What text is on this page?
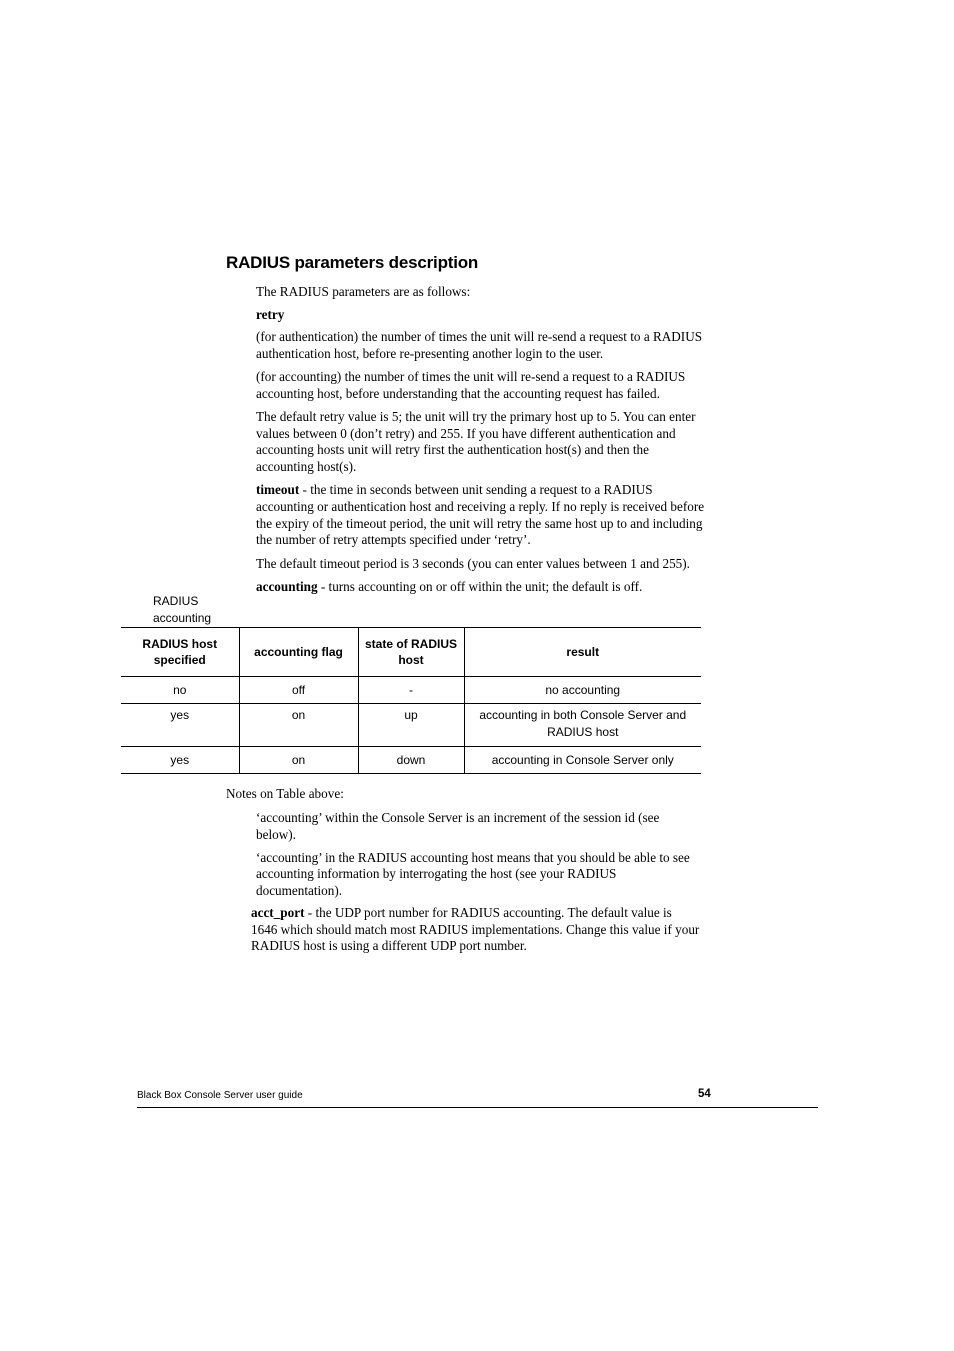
RADIUS parameters description

The RADIUS parameters are as follows:

retry

(for authentication) the number of times the unit will re-send a request to a RADIUS authentication host, before re-presenting another login to the user.

(for accounting) the number of times the unit will re-send a request to a RADIUS accounting host, before understanding that the accounting request has failed.

The default retry value is 5; the unit will try the primary host up to 5. You can enter values between 0 (don’t retry) and 255. If you have different authentication and accounting hosts unit will retry first the authentication host(s) and then the accounting host(s).

timeout - the time in seconds between unit sending a request to a RADIUS accounting or authentication host and receiving a reply. If no reply is received before the expiry of the timeout period, the unit will retry the same host up to and including the number of retry attempts specified under ‘retry’.

The default timeout period is 3 seconds (you can enter values between 1 and 255).

accounting - turns accounting on or off within the unit; the default is off.

RADIUS accounting
RADIUS host specified	accounting flag	state of RADIUS host	result
no	off	-	no accounting
yes	on	up	accounting in both Console Server and RADIUS host
yes	on	down	accounting in Console Server only
Notes on Table above:

‘accounting’ within the Console Server is an increment of the session id (see below).

‘accounting’ in the RADIUS accounting host means that you should be able to see accounting information by interrogating the host (see your RADIUS documentation).

acct_port - the UDP port number for RADIUS accounting. The default value is 1646 which should match most RADIUS implementations. Change this value if your RADIUS host is using a different UDP port number.

Black Box Console Server user guide	54
